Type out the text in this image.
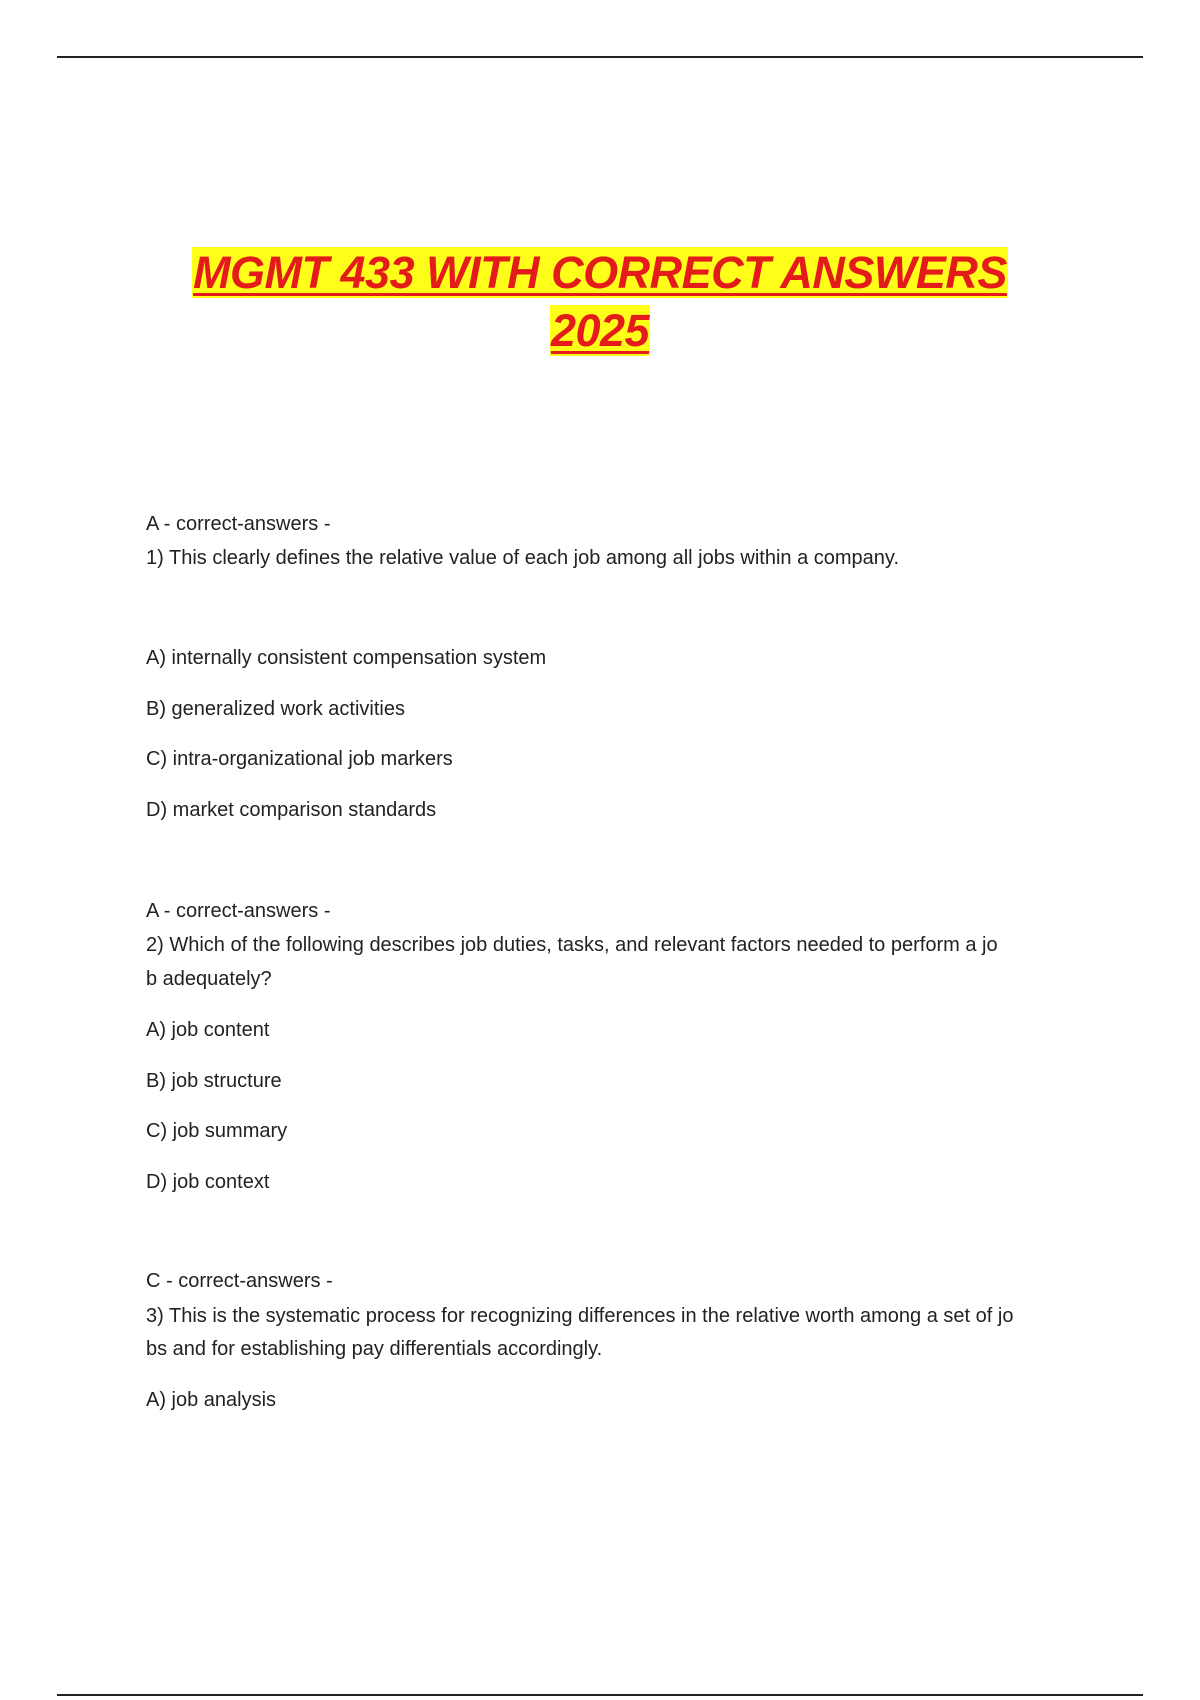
MGMT 433 WITH CORRECT ANSWERS
2025
A - correct-answers -
1) This clearly defines the relative value of each job among all jobs within a company.
A) internally consistent compensation system
B) generalized work activities
C) intra-organizational job markers
D) market comparison standards
A - correct-answers -
2) Which of the following describes job duties, tasks, and relevant factors needed to perform a jo
b adequately?
A) job content
B) job structure
C) job summary
D) job context
C - correct-answers -
3) This is the systematic process for recognizing differences in the relative worth among a set of jo
bs and for establishing pay differentials accordingly.
A) job analysis
